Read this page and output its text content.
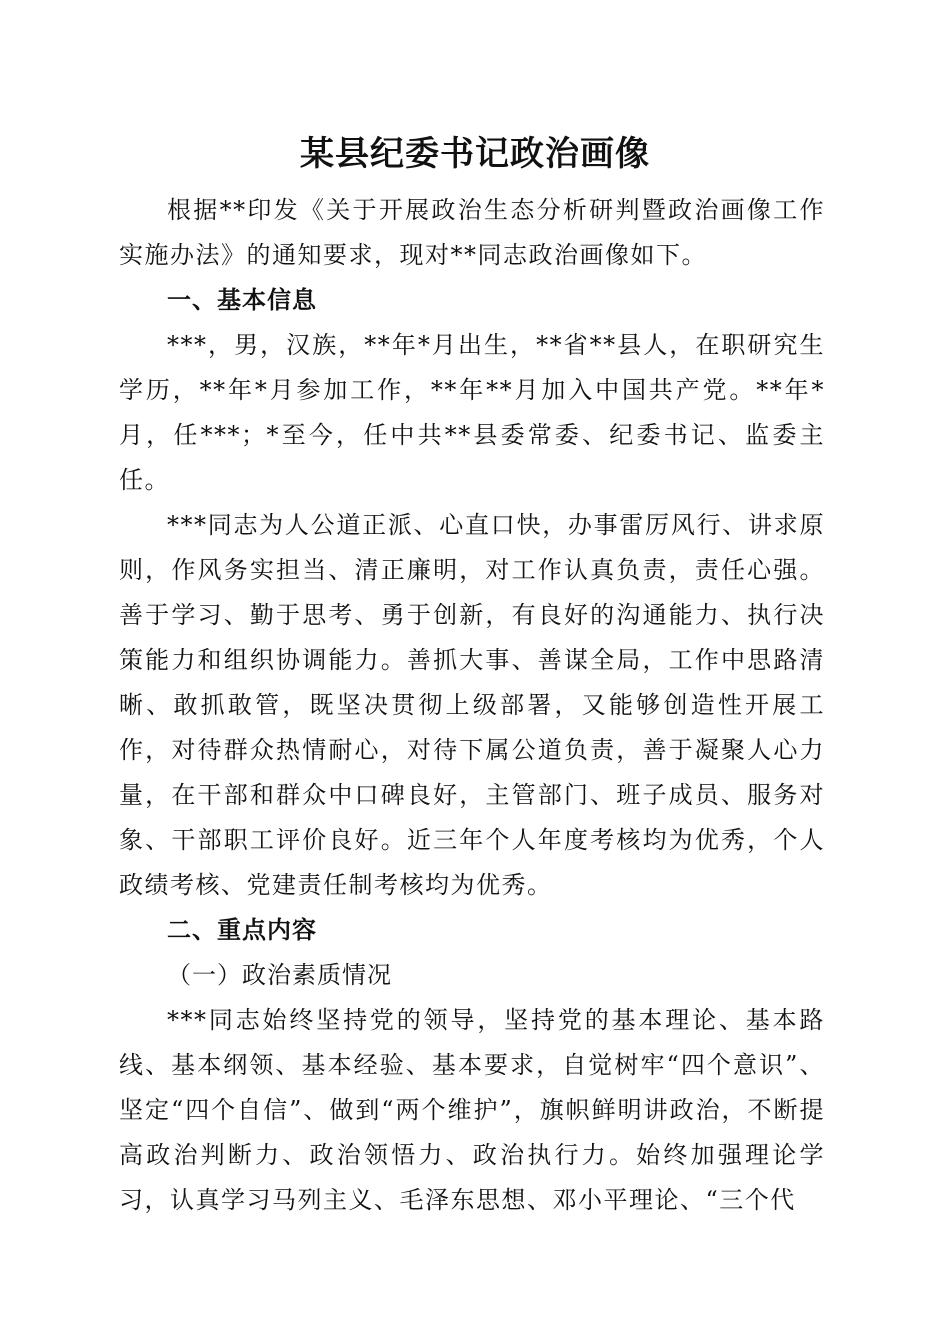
某县纪委书记政治画像

根据**印发《关于开展政治生态分析研判暨政治画像工作实施办法》的通知要求，现对**同志政治画像如下。

一、基本信息

***，男，汉族，**年*月出生，**省**县人，在职研究生学历，**年*月参加工作，**年**月加入中国共产党。**年*月，任***；*至今，任中共**县委常委、纪委书记、监委主任。

***同志为人公道正派、心直口快，办事雷厉风行、讲求原则，作风务实担当、清正廉明，对工作认真负责，责任心强。善于学习、勤于思考、勇于创新，有良好的沟通能力、执行决策能力和组织协调能力。善抓大事、善谋全局，工作中思路清晰、敢抓敢管，既坚决贯彻上级部署，又能够创造性开展工作，对待群众热情耐心，对待下属公道负责，善于凝聚人心力量，在干部和群众中口碑良好，主管部门、班子成员、服务对象、干部职工评价良好。近三年个人年度考核均为优秀，个人政绩考核、党建责任制考核均为优秀。

二、重点内容

（一）政治素质情况

***同志始终坚持党的领导，坚持党的基本理论、基本路线、基本纲领、基本经验、基本要求，自觉树牢“四个意识”、坚定“四个自信”、做到“两个维护”，旗帜鲜明讲政治，不断提高政治判断力、政治领悟力、政治执行力。始终加强理论学习，认真学习马列主义、毛泽东思想、邓小平理论、“三个代
